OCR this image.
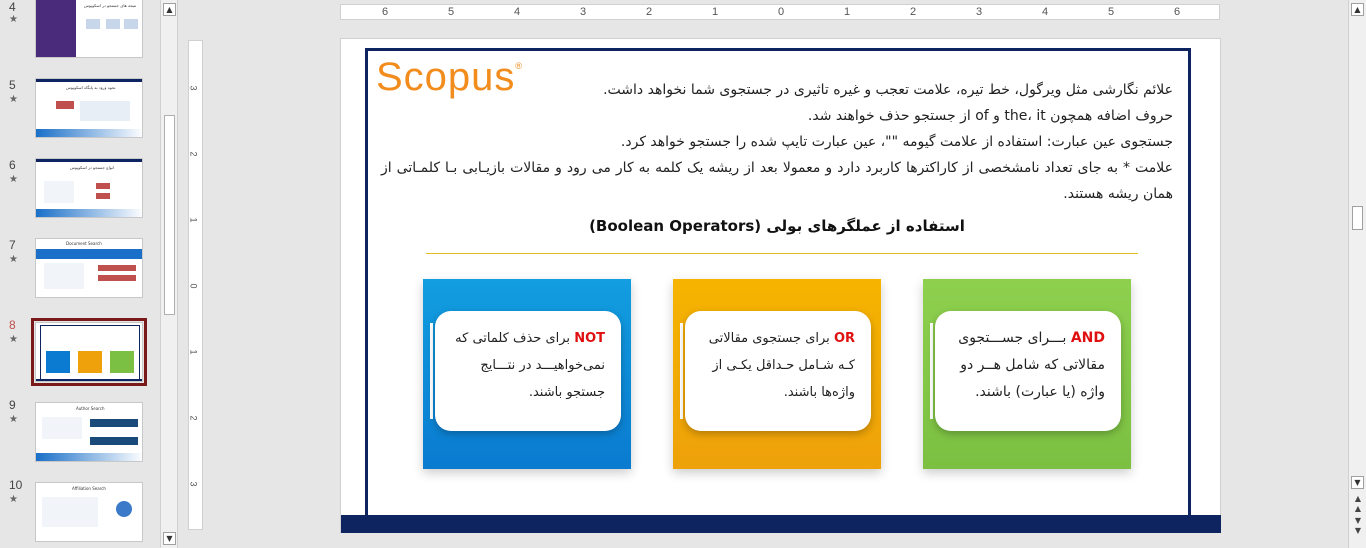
4
★
نتیجه های جستجو در اسکوپوس
5
★
نحوه ورود به پایگاه اسکوپوس
6
★
انواع جستجو در اسکوپوس
7
★
Document Search
8
★
9
★
Author Search
10
★
Affiliation Search
▲
▼
6	5	4	3	2	1	0	1	2	3	4	5	6
3
2
1
0
1
2
3
Scopus®

علائم نگارشی مثل ویرگول، خط تیره، علامت تعجب و غیره تاثیری در جستجوی شما نخواهد داشت.

حروف اضافه همچون the، it و of از جستجو حذف خواهند شد.

جستجوی عین عبارت: استفاده از علامت گیومه ""، عین عبارت تایپ شده را جستجو خواهد کرد.

علامت * به جای تعداد نامشخصی از کاراکترها کاربرد دارد و معمولا بعد از ریشه یک کلمه به کار می رود و مقالات بازیـابی بـا کلمـاتی از همان ریشه هستند.

استفاده از عملگرهای بولی (Boolean Operators)
NOT برای حذف کلماتی که نمی‌خواهیـــد در نتـــایج جستجو باشند.
OR برای جستجوی مقالاتی کـه شـامل حـداقل یکـی از واژه‌ها باشند.
AND بـــرای جســـتجوی مقالاتی که شامل هــر دو واژه (یا عبارت) باشند.
▲
▼
▲
▲
▼
▼
